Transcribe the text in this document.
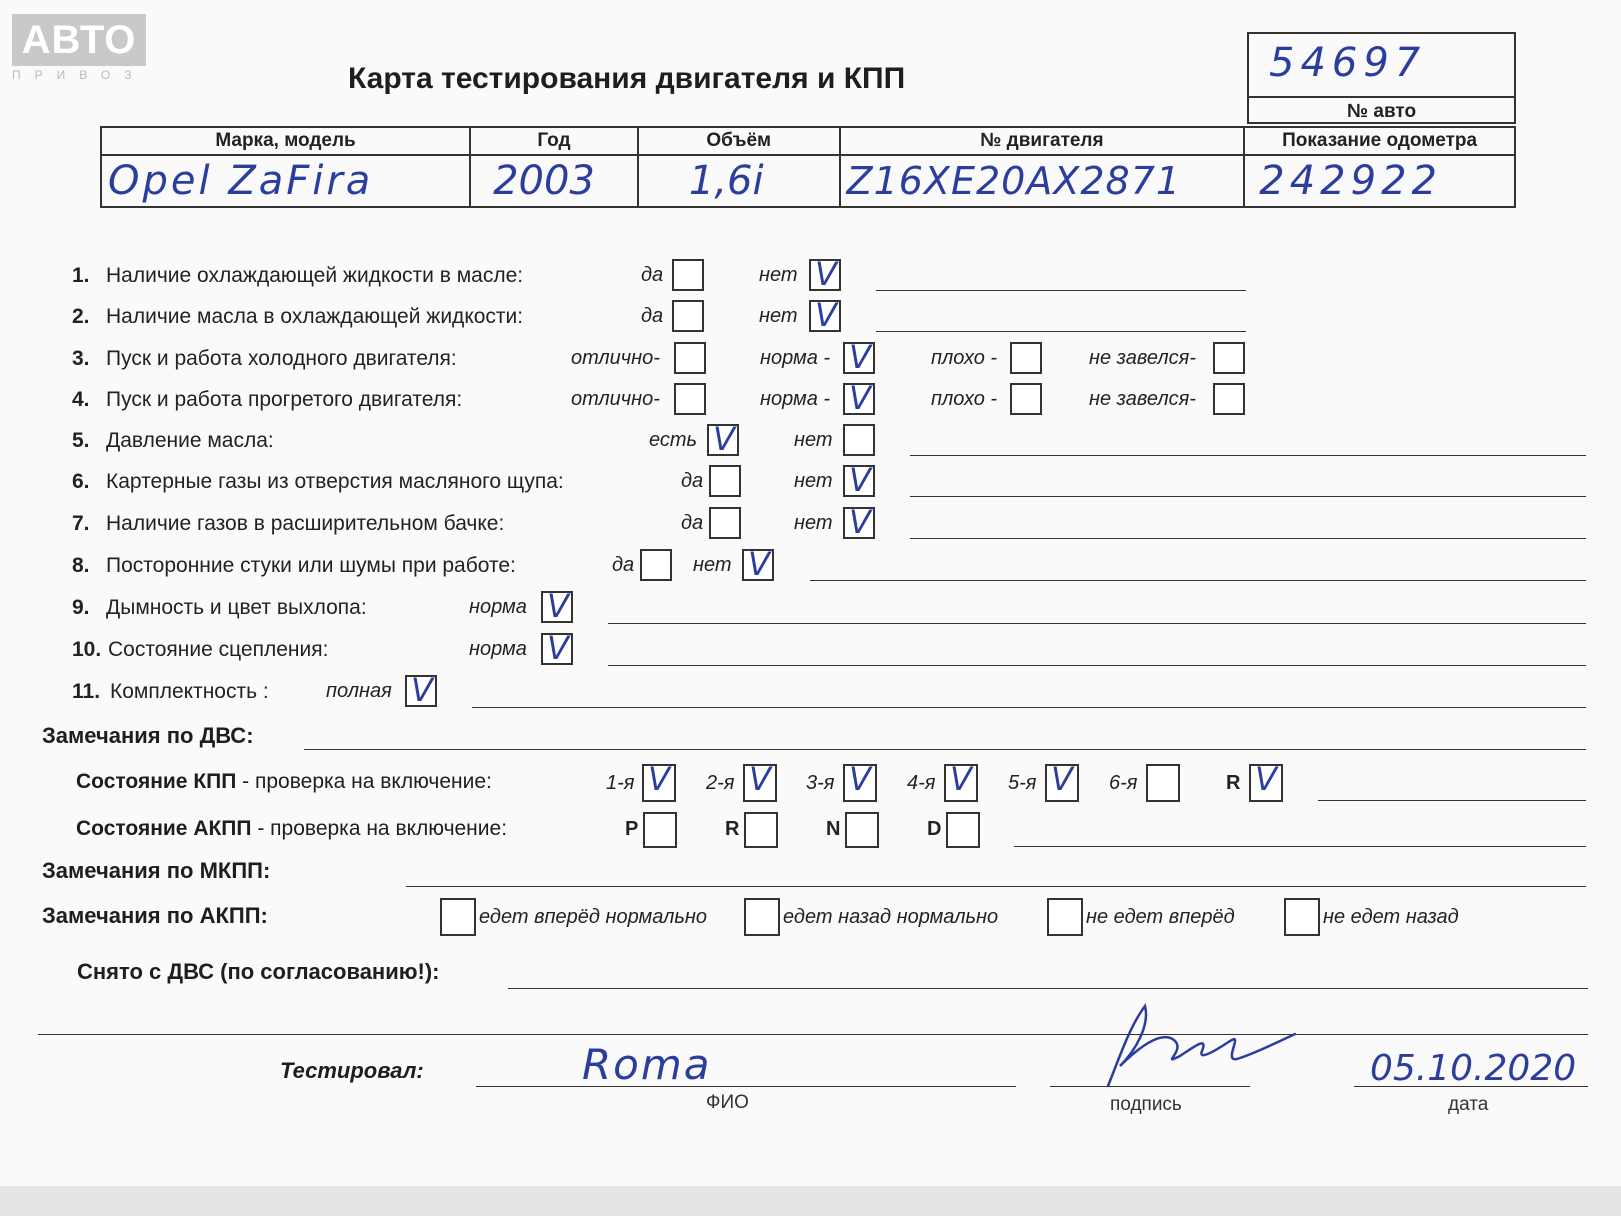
АВТО
ПРИВОЗ	Карта тестирования двигателя и КПП	54697
№ авто
Марка, модель	Год	Объём	№ двигателя	Показание одометра
Opel ZaFira	2003	1,6i	Z16XE20AX2871	242922
1. Наличие охлаждающей жидкости в масле:	да	нет V
2. Наличие масла в охлаждающей жидкости:	да	нет V
3. Пуск и работа холодного двигателя:	отлично-	норма - V	плохо -	не завелся-
4. Пуск и работа прогретого двигателя:	отлично-	норма - V	плохо -	не завелся-
5. Давление масла:	есть V	нет
6. Картерные газы из отверстия масляного щупа:	да	нет V
7. Наличие газов в расширительном бачке:	да	нет V
8. Посторонние стуки или шумы при работе:	да	нет V
9. Дымность и цвет выхлопа:	норма V
10. Состояние сцепления:	норма V
11. Комплектность :	полная V
Замечания по ДВС:
Состояние КПП - проверка на включение:	1-я V 2-я V 3-я V 4-я V 5-я V 6-я	R V
Состояние АКПП - проверка на включение:	P	R	N	D
Замечания по МКПП:
Замечания по АКПП:	едет вперёд нормально	едет назад нормально	не едет вперёд	не едет назад
Снято с ДВС (по согласованию!):
Тестировал:	Roma
ФИО	подпись
05.10.2020
дата
